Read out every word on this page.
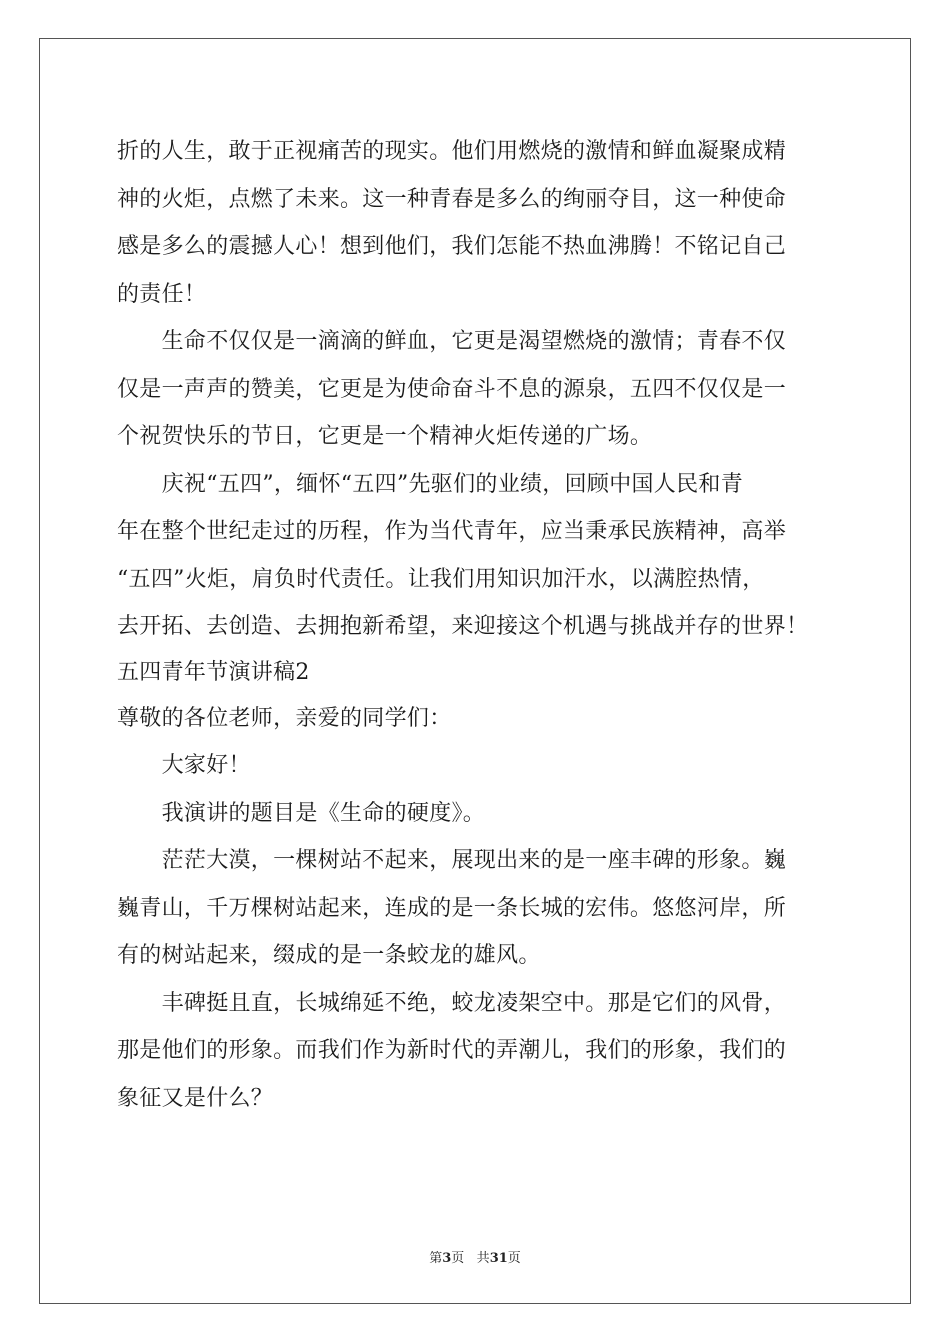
折的人生，敢于正视痛苦的现实。他们用燃烧的激情和鲜血凝聚成精
神的火炬，点燃了未来。这一种青春是多么的绚丽夺目，这一种使命
感是多么的震撼人心！想到他们，我们怎能不热血沸腾！不铭记自己
的责任！
　　生命不仅仅是一滴滴的鲜血，它更是渴望燃烧的激情；青春不仅
仅是一声声的赞美，它更是为使命奋斗不息的源泉，五四不仅仅是一
个祝贺快乐的节日，它更是一个精神火炬传递的广场。
　　庆祝“五四”，缅怀“五四”先驱们的业绩，回顾中国人民和青
年在整个世纪走过的历程，作为当代青年，应当秉承民族精神，高举
“五四”火炬，肩负时代责任。让我们用知识加汗水，以满腔热情，
去开拓、去创造、去拥抱新希望，来迎接这个机遇与挑战并存的世界！
五四青年节演讲稿2
尊敬的各位老师，亲爱的同学们：
　　大家好！
　　我演讲的题目是《生命的硬度》。
　　茫茫大漠，一棵树站不起来，展现出来的是一座丰碑的形象。巍
巍青山，千万棵树站起来，连成的是一条长城的宏伟。悠悠河岸，所
有的树站起来，缀成的是一条蛟龙的雄风。
　　丰碑挺且直，长城绵延不绝，蛟龙凌架空中。那是它们的风骨，
那是他们的形象。而我们作为新时代的弄潮儿，我们的形象，我们的
象征又是什么？
第3页 共31页
